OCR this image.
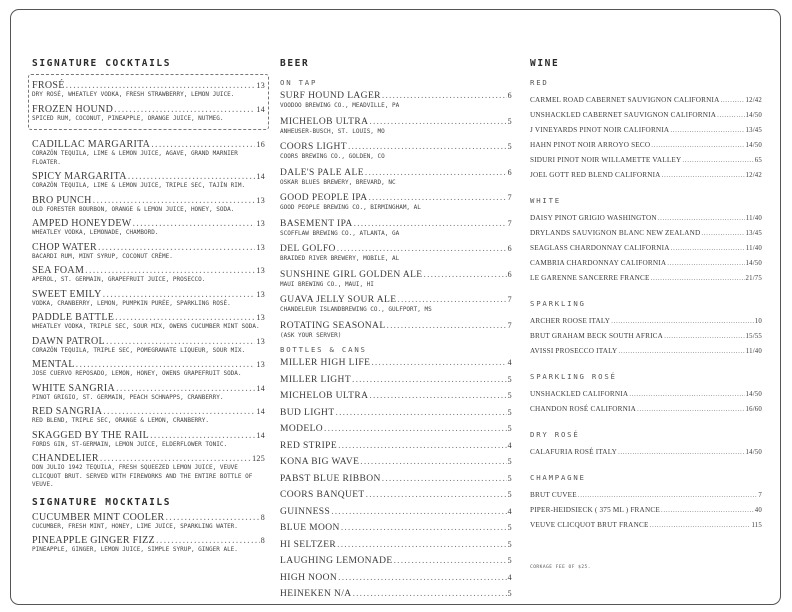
SIGNATURE COCKTAILS
FROSÉ . . .	13
DRY ROSÉ, WHEATLEY VODKA, FRESH STRAWBERRY, LEMON JUICE.
FROZEN HOUND . . .	14
SPICED RUM, COCONUT, PINEAPPLE, ORANGE JUICE, NUTMEG.
CADILLAC MARGARITA . . .	16
CORAZÓN TEQUILA, LIME & LEMON JUICE, AGAVE, GRAND MARNIER FLOATER.
SPICY MARGARITA . . .	14
CORAZÓN TEQUILA, LIME & LEMON JUICE, TRIPLE SEC, TAJÍN RIM.
BRO PUNCH . . .	13
OLD FORESTER BOURBON, ORANGE & LEMON JUICE, HONEY, SODA.
AMPED HONEYDEW . . .	13
WHEATLEY VODKA, LEMONADE, CHAMBORD.
CHOP WATER . . .	13
BACARDI RUM, MINT SYRUP, COCONUT CRÈME.
SEA FOAM . . .	13
APEROL, ST. GERMAIN, GRAPEFRUIT JUICE, PROSECCO.
SWEET EMILY . . .	13
VODKA, CRANBERRY, LEMON, PUMPKIN PURÉE, SPARKLING ROSÉ.
PADDLE BATTLE . . .	13
WHEATLEY VODKA, TRIPLE SEC, SOUR MIX, OWENS CUCUMBER MINT SODA.
DAWN PATROL . . .	13
CORAZÓN TEQUILA, TRIPLE SEC, POMEGRANATE LIQUEUR, SOUR MIX.
MENTAL . . .	13
JOSE CUERVO REPOSADO, LEMON, HONEY, OWENS GRAPEFRUIT SODA.
WHITE SANGRIA . . .	14
PINOT GRIGIO, ST. GERMAIN, PEACH SCHNAPPS, CRANBERRY.
RED SANGRIA . . .	14
RED BLEND, TRIPLE SEC, ORANGE & LEMON, CRANBERRY.
SKAGGED BY THE RAIL . . .	14
FORDS GIN, ST-GERMAIN, LEMON JUICE, ELDERFLOWER TONIC.
CHANDELIER . . .	125
DON JULIO 1942 TEQUILA, FRESH SQUEEZED LEMON JUICE, VEUVE CLICQUOT BRUT. SERVED WITH FIREWORKS AND THE ENTIRE BOTTLE OF VEUVE.
SIGNATURE MOCKTAILS
CUCUMBER MINT COOLER . . .	8
CUCUMBER, FRESH MINT, HONEY, LIME JUICE, SPARKLING WATER.
PINEAPPLE GINGER FIZZ . . .	8
PINEAPPLE, GINGER, LEMON JUICE, SIMPLE SYRUP, GINGER ALE.
BEER
ON TAP
SURF HOUND LAGER . . .	6
VOODOO BREWING CO., MEADVILLE, PA
MICHELOB ULTRA . . .	5
ANHEUSER-BUSCH, ST. LOUIS, MO
COORS LIGHT . . .	5
COORS BREWING CO., GOLDEN, CO
DALE'S PALE ALE . . .	6
OSKAR BLUES BREWERY, BREVARD, NC
GOOD PEOPLE IPA . . .	7
GOOD PEOPLE BREWING CO., BIRMINGHAM, AL
BASEMENT IPA . . .	7
SCOFFLAW BREWING CO., ATLANTA, GA
DEL GOLFO . . .	6
BRAIDED RIVER BREWERY, MOBILE, AL
SUNSHINE GIRL GOLDEN ALE . . .	6
MAUI BREWING CO., MAUI, HI
GUAVA JELLY SOUR ALE . . .	7
CHANDELEUR ISLANDBREWING CO., GULFPORT, MS
ROTATING SEASONAL . . .	7
(ASK YOUR SERVER)
BOTTLES & CANS
MILLER HIGH LIFE . . .	4
MILLER LIGHT . . .	5
MICHELOB ULTRA . . .	5
BUD LIGHT . . .	5
MODELO . . .	5
RED STRIPE . . .	4
KONA BIG WAVE . . .	5
PABST BLUE RIBBON . . .	5
COORS BANQUET . . .	5
GUINNESS . . .	4
BLUE MOON . . .	5
HI SELTZER . . .	5
LAUGHING LEMONADE . . .	5
HIGH NOON . . .	4
HEINEKEN N/A . . .	5
WINE
RED
CARMEL ROAD CABERNET SAUVIGNON CALIFORNIA . . .	12/42
UNSHACKLED CABERNET SAUVIGNON CALIFORNIA . . .	14/50
J VINEYARDS PINOT NOIR CALIFORNIA . . .	13/45
HAHN PINOT NOIR ARROYO SECO . . .	14/50
SIDURI PINOT NOIR WILLAMETTE VALLEY . . .	65
JOEL GOTT RED BLEND CALIFORNIA . . .	12/42
WHITE
DAISY PINOT GRIGIO WASHINGTON . . .	11/40
DRYLANDS SAUVIGNON BLANC NEW ZEALAND . . .	13/45
SEAGLASS CHARDONNAY CALIFORNIA . . .	11/40
CAMBRIA CHARDONNAY CALIFORNIA . . .	14/50
LE GARENNE SANCERRE FRANCE . . .	21/75
SPARKLING
ARCHER ROOSE ITALY . . .	10
BRUT GRAHAM BECK SOUTH AFRICA . . .	15/55
AVISSI PROSECCO ITALY . . .	11/40
SPARKLING ROSÉ
UNSHACKLED CALIFORNIA . . .	14/50
CHANDON ROSÉ CALIFORNIA . . .	16/60
DRY ROSÉ
CALAFURIA ROSÉ ITALY . . .	14/50
CHAMPAGNE
BRUT CUVEE . . .	7
PIPER-HEIDSIECK ( 375 ML ) FRANCE . . .	40
VEUVE CLICQUOT BRUT FRANCE . . .	115
CORKAGE FEE OF $25.
